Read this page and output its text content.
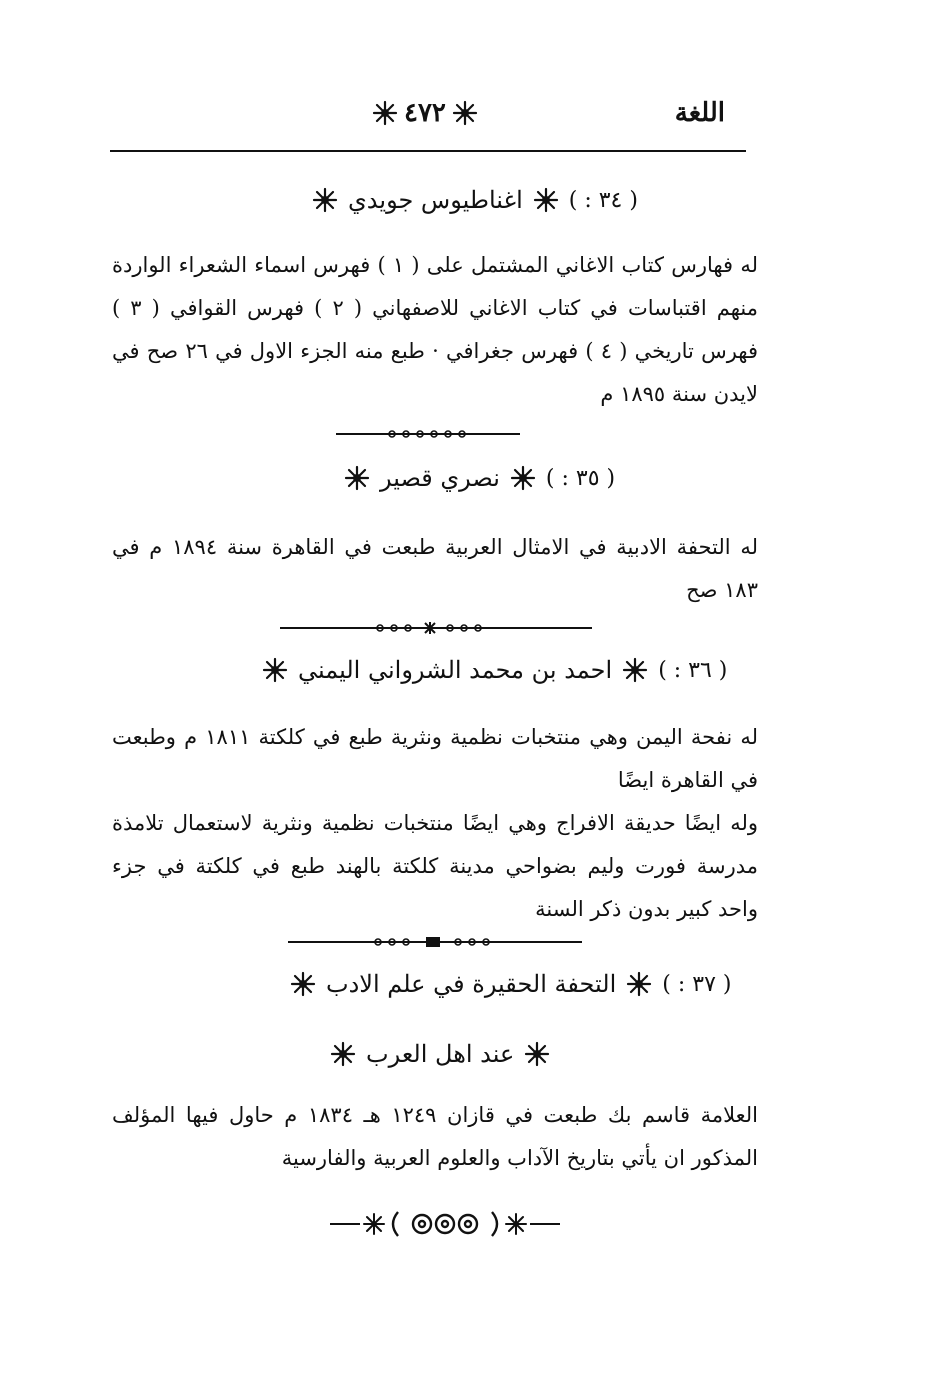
اللغة
٤٧٢
( ٣٤ : )
اغناطيوس جويدي

له فهارس كتاب الاغاني المشتمل على ( ١ ) فهرس اسماء الشعراء الواردة منهم اقتباسات في كتاب الاغاني للاصفهاني ( ٢ ) فهرس القوافي ( ٣ ) فهرس تاريخي ( ٤ ) فهرس جغرافي · طبع منه الجزء الاول في ٢٦ صح في لايدن سنة ١٨٩٥ م

( ٣٥ : )
نصري قصير

له التحفة الادبية في الامثال العربية طبعت في القاهرة سنة ١٨٩٤ م في ١٨٣ صح

( ٣٦ : )
احمد بن محمد الشرواني اليمني

له نفحة اليمن وهي منتخبات نظمية ونثرية طبع في كلكتة ١٨١١ م وطبعت في القاهرة ايضًا

وله ايضًا حديقة الافراج وهي ايضًا منتخبات نظمية ونثرية لاستعمال تلامذة مدرسة فورت وليم بضواحي مدينة كلكتة بالهند طبع في كلكتة في جزء واحد كبير بدون ذكر السنة

( ٣٧ : )
التحفة الحقيرة في علم الادب
عند اهل العرب

العلامة قاسم بك طبعت في قازان ١٢٤٩ هـ ١٨٣٤ م حاول فيها المؤلف المذكور ان يأتي بتاريخ الآداب والعلوم العربية والفارسية
